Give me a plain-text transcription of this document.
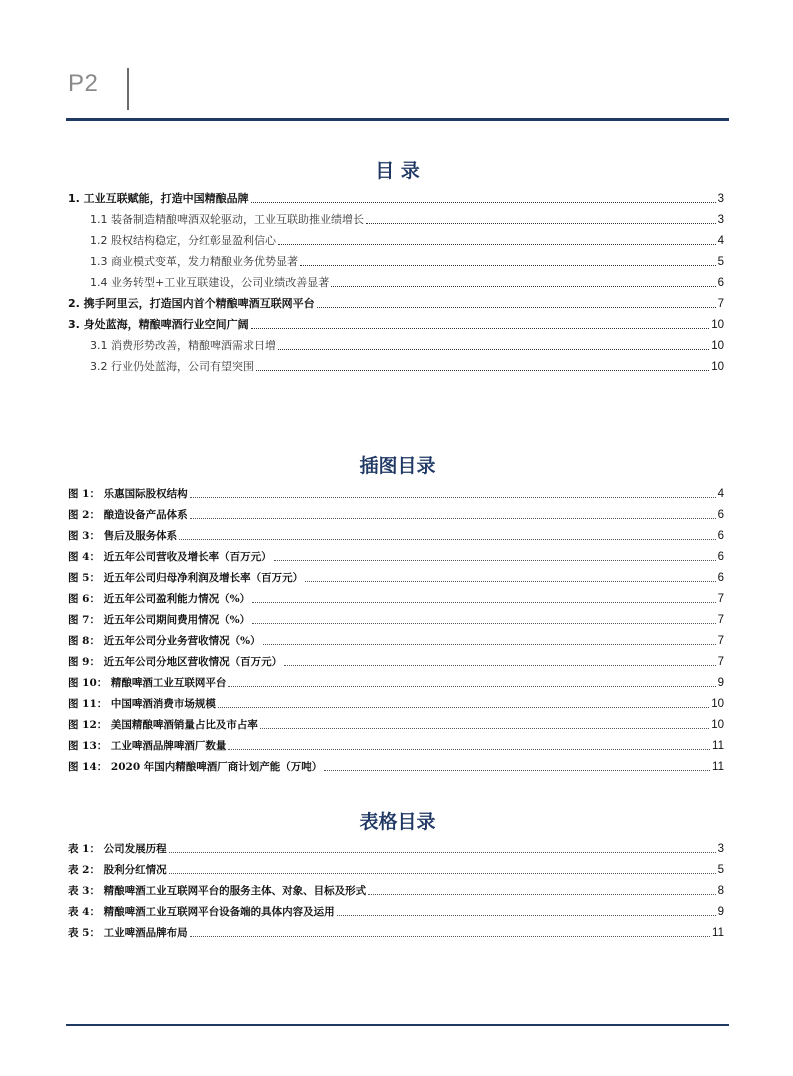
P2
目 录
1. 工业互联赋能，打造中国精酿品牌	3
1.1 装备制造精酿啤酒双轮驱动，工业互联助推业绩增长	3
1.2 股权结构稳定，分红彰显盈利信心	4
1.3 商业模式变革，发力精酿业务优势显著	5
1.4 业务转型+工业互联建设，公司业绩改善显著	6
2. 携手阿里云，打造国内首个精酿啤酒互联网平台	7
3. 身处蓝海，精酿啤酒行业空间广阔	10
3.1 消费形势改善，精酿啤酒需求日增	10
3.2 行业仍处蓝海，公司有望突围	10
插图目录
图 1： 乐惠国际股权结构	4
图 2： 酿造设备产品体系	6
图 3： 售后及服务体系	6
图 4： 近五年公司营收及增长率（百万元）	6
图 5： 近五年公司归母净利润及增长率（百万元）	6
图 6： 近五年公司盈利能力情况（%）	7
图 7： 近五年公司期间费用情况（%）	7
图 8： 近五年公司分业务营收情况（%）	7
图 9： 近五年公司分地区营收情况（百万元）	7
图 10： 精酿啤酒工业互联网平台	9
图 11： 中国啤酒消费市场规模	10
图 12： 美国精酿啤酒销量占比及市占率	10
图 13： 工业啤酒品牌啤酒厂数量	11
图 14： 2020 年国内精酿啤酒厂商计划产能（万吨）	11
表格目录
表 1： 公司发展历程	3
表 2： 股利分红情况	5
表 3： 精酿啤酒工业互联网平台的服务主体、对象、目标及形式	8
表 4： 精酿啤酒工业互联网平台设备端的具体内容及运用	9
表 5： 工业啤酒品牌布局	11
